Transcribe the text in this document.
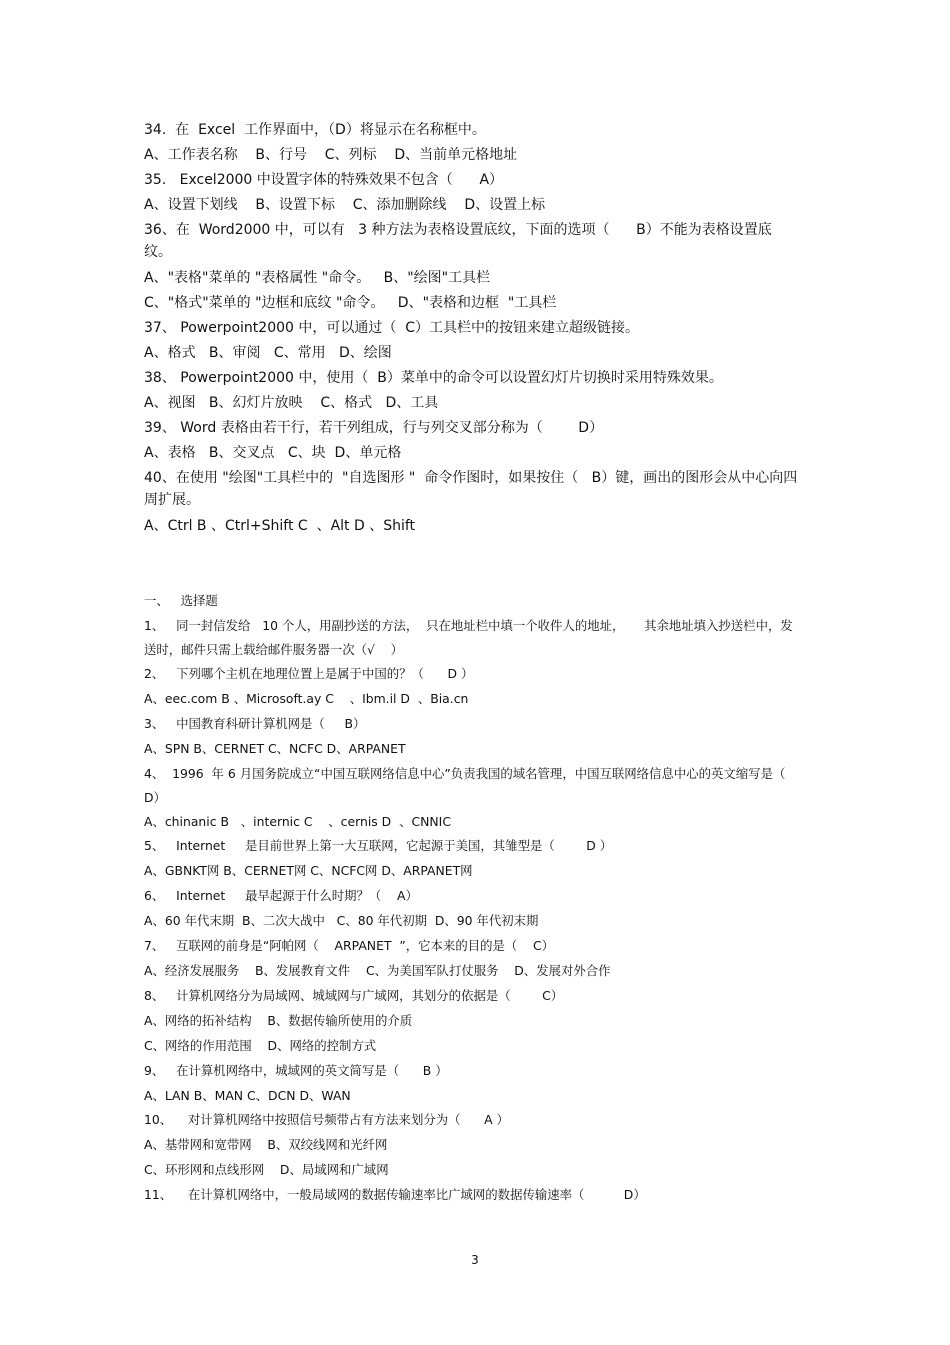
34.  在  Excel  工作界面中，（D）将显示在名称框中。
A、工作表名称    B、行号    C、列标    D、当前单元格地址
35.   Excel2000 中设置字体的特殊效果不包含（      A）
A、设置下划线    B、设置下标    C、添加删除线    D、设置上标
36、在  Word2000 中，可以有   3 种方法为表格设置底纹，下面的选项（      B）不能为表格设置底纹。
A、"表格"菜单的 "表格属性 "命令。   B、"绘图"工具栏
C、"格式"菜单的 "边框和底纹 "命令。   D、"表格和边框  "工具栏
37、 Powerpoint2000 中，可以通过（  C）工具栏中的按钮来建立超级链接。
A、格式   B、审阅   C、常用   D、绘图
38、 Powerpoint2000 中，使用（  B）菜单中的命令可以设置幻灯片切换时采用特殊效果。
A、视图   B、幻灯片放映    C、格式   D、工具
39、 Word 表格由若干行，若干列组成，行与列交叉部分称为（        D）
A、表格   B、交叉点   C、块  D、单元格
40、在使用 "绘图"工具栏中的  "自选图形 "  命令作图时，如果按住（   B）键，画出的图形会从中心向四周扩展。
A、Ctrl B 、Ctrl+Shift C  、Alt D 、Shift
一、   选择题
1、   同一封信发给   10 个人，用副抄送的方法，  只在地址栏中填一个收件人的地址，     其余地址填入抄送栏中，发送时，邮件只需上载给邮件服务器一次（√    ）
2、   下列哪个主机在地理位置上是属于中国的？（      D ）
A、eec.com B 、Microsoft.ay C    、Ibm.il D  、Bia.cn
3、   中国教育科研计算机网是（     B）
A、SPN B、CERNET C、NCFC D、ARPANET
4、  1996  年 6 月国务院成立“中国互联网络信息中心”负责我国的域名管理，中国互联网络信息中心的英文缩写是（ D）
A、chinanic B   、internic C    、cernis D  、CNNIC
5、   Internet     是目前世界上第一大互联网，它起源于美国，其雏型是（        D ）
A、GBNKT网 B、CERNET网 C、NCFC网 D、ARPANET网
6、   Internet     最早起源于什么时期？（    A）
A、60 年代末期  B、二次大战中   C、80 年代初期  D、90 年代初末期
7、   互联网的前身是“阿帕网（    ARPANET  ”，它本来的目的是（    C）
A、经济发展服务    B、发展教育文件    C、为美国军队打仗服务    D、发展对外合作
8、   计算机网络分为局域网、城域网与广域网，其划分的依据是（        C）
A、网络的拓补结构    B、数据传输所使用的介质
C、网络的作用范围    D、网络的控制方式
9、   在计算机网络中，城域网的英文简写是（      B ）
A、LAN B、MAN C、DCN D、WAN
10、    对计算机网络中按照信号频带占有方法来划分为（      A ）
A、基带网和宽带网    B、双绞线网和光纤网
C、环形网和点线形网    D、局域网和广域网
11、    在计算机网络中，一般局域网的数据传输速率比广域网的数据传输速率（          D）
3
